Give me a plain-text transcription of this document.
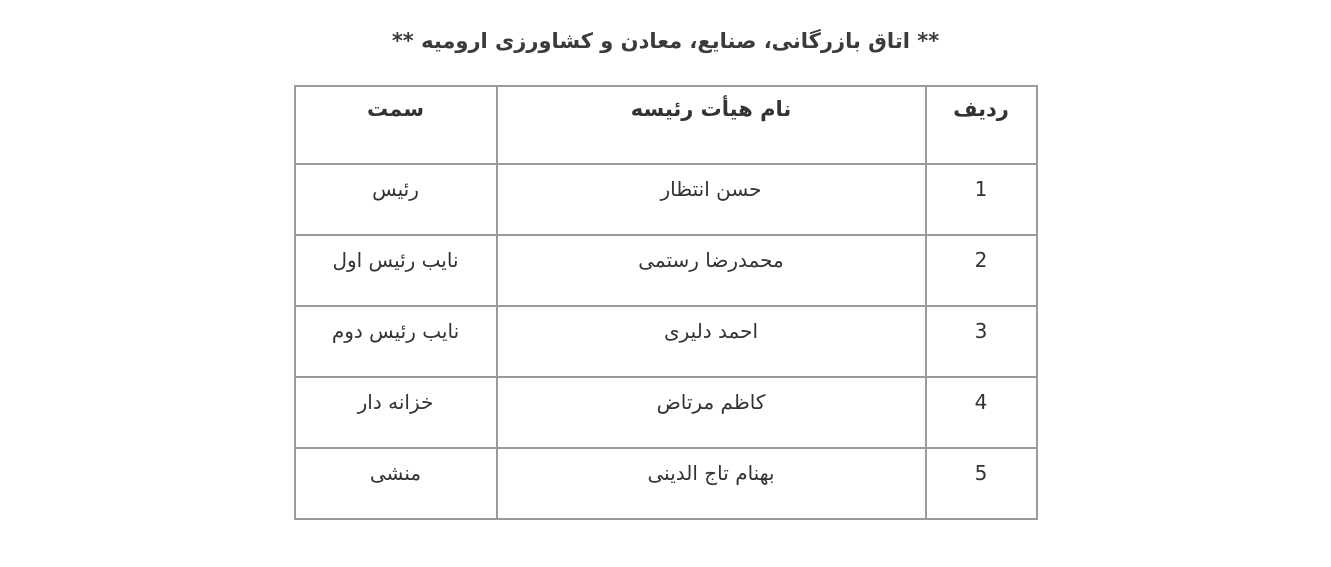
** اتاق بازرگانی، صنایع، معادن و کشاورزی ارومیه **
ردیف	نام هیأت رئیسه	سمت
1	حسن انتظار	رئیس
2	محمدرضا رستمی	نایب رئیس اول
3	احمد دلیری	نایب رئیس دوم
4	کاظم مرتاض	خزانه دار
5	بهنام تاج الدینی	منشی
